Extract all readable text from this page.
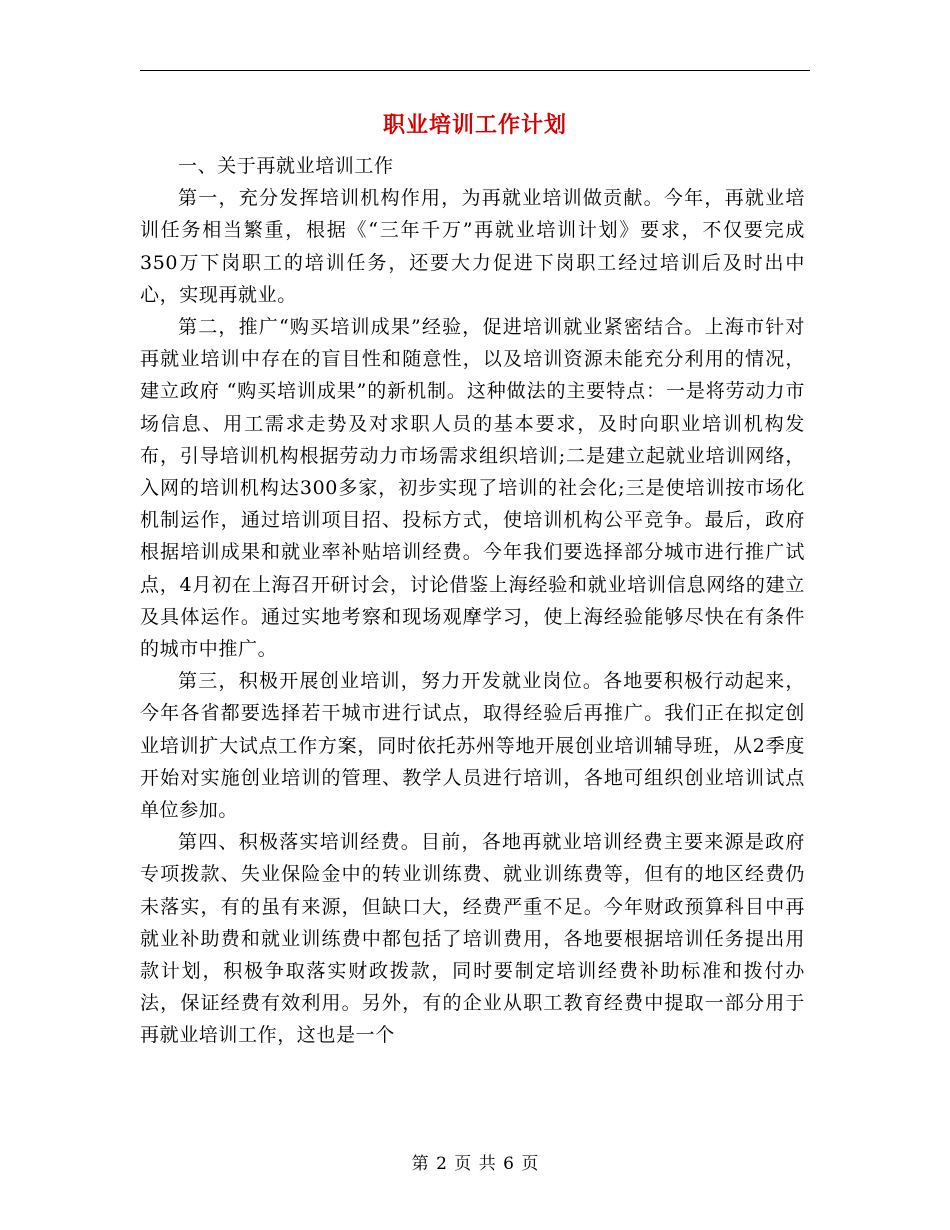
职业培训工作计划

一、关于再就业培训工作

第一，充分发挥培训机构作用，为再就业培训做贡献。今年，再就业培训任务相当繁重，根据《“三年千万”再就业培训计划》要求，不仅要完成350万下岗职工的培训任务，还要大力促进下岗职工经过培训后及时出中心，实现再就业。

第二，推广“购买培训成果”经验，促进培训就业紧密结合。上海市针对再就业培训中存在的盲目性和随意性，以及培训资源未能充分利用的情况，建立政府 “购买培训成果”的新机制。这种做法的主要特点：一是将劳动力市场信息、用工需求走势及对求职人员的基本要求，及时向职业培训机构发布，引导培训机构根据劳动力市场需求组织培训;二是建立起就业培训网络，入网的培训机构达300多家，初步实现了培训的社会化;三是使培训按市场化机制运作，通过培训项目招、投标方式，使培训机构公平竞争。最后，政府根据培训成果和就业率补贴培训经费。今年我们要选择部分城市进行推广试点，4月初在上海召开研讨会，讨论借鉴上海经验和就业培训信息网络的建立及具体运作。通过实地考察和现场观摩学习，使上海经验能够尽快在有条件的城市中推广。

第三，积极开展创业培训，努力开发就业岗位。各地要积极行动起来，今年各省都要选择若干城市进行试点，取得经验后再推广。我们正在拟定创业培训扩大试点工作方案，同时依托苏州等地开展创业培训辅导班，从2季度开始对实施创业培训的管理、教学人员进行培训，各地可组织创业培训试点单位参加。

第四、积极落实培训经费。目前，各地再就业培训经费主要来源是政府专项拨款、失业保险金中的转业训练费、就业训练费等，但有的地区经费仍未落实，有的虽有来源，但缺口大，经费严重不足。今年财政预算科目中再就业补助费和就业训练费中都包括了培训费用，各地要根据培训任务提出用款计划，积极争取落实财政拨款，同时要制定培训经费补助标准和拨付办法，保证经费有效利用。另外，有的企业从职工教育经费中提取一部分用于再就业培训工作，这也是一个

第 2 页 共 6 页
